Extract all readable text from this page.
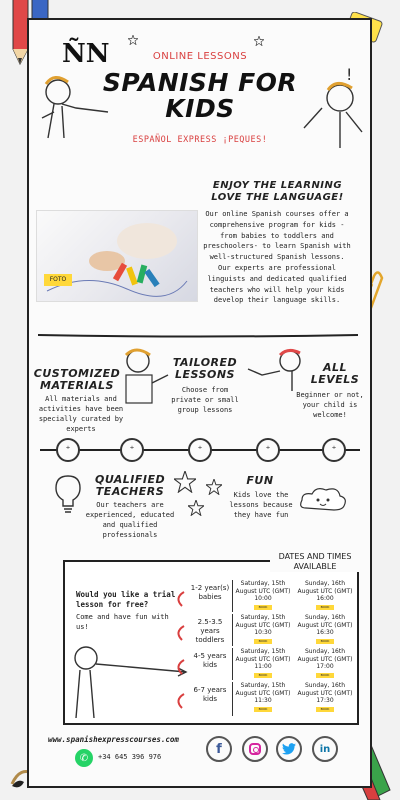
ÑN	ONLINE LESSONS
SPANISH FOR
KIDS
ESPAÑOL EXPRESS ¡PEQUES!
!
FOTO
ENJOY THE LEARNING
LOVE THE LANGUAGE!
Our online Spanish courses offer a comprehensive program for kids -from babies to toddlers and preschoolers- to learn Spanish with well-structured Spanish lessons. Our experts are professional linguists and dedicated qualified teachers who will help your kids develop their language skills.
CUSTOMIZED
MATERIALS
All materials and activities have been specially curated by experts
TAILORED
LESSONS
Choose from private or small group lessons
ALL
LEVELS
Beginner or not, your child is welcome!
⁺	⁺	⁺	⁺	⁺
QUALIFIED
TEACHERS
Our teachers are experienced, educated and qualified professionals
FUN
Kids love the lessons because they have fun
DATES AND TIMES
AVAILABLE
Would you like a trial lesson for free?
Come and have fun with us!
1-2 year(s) babies
Saturday, 15th August UTC (GMT) 10:00
BOOK
Sunday, 16th August UTC (GMT) 16:00
BOOK
2.5-3.5 years toddlers
Saturday, 15th August UTC (GMT) 10:30
BOOK
Sunday, 16th August UTC (GMT) 16:30
BOOK
4-5 years kids
Saturday, 15th August UTC (GMT) 11:00
BOOK
Sunday, 16th August UTC (GMT) 17:00
BOOK
6-7 years kids
Saturday, 15th August UTC (GMT) 11:30
BOOK
Sunday, 16th August UTC (GMT) 17:30
BOOK
www.spanishexpresscourses.com
✆	+34 645 396 976
f	in
